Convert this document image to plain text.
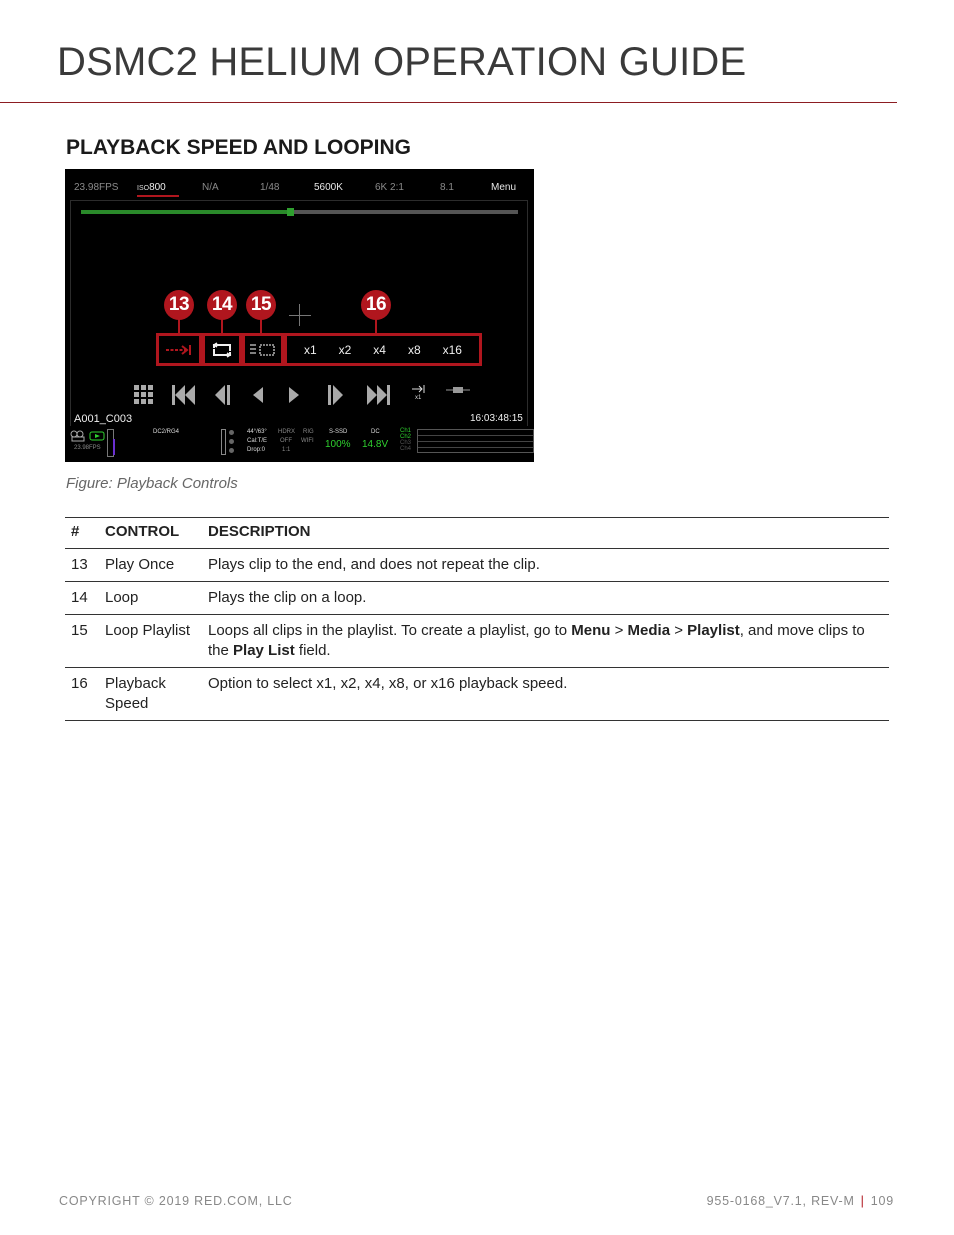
DSMC2 HELIUM OPERATION GUIDE
PLAYBACK SPEED AND LOOPING
23.98FPS	ISO800	N/A	1/48	5600K	6K 2:1	8.1	Menu
13 14 15	16
x1 x2 x4 x8 x16
x1
A001_C003	16:03:48:15
23.98FPS
DC2/RG4	44°/63°
Cal:T/E
Drop:0
HDRX
OFF
1:1
RIG
WIFI
S-SSD
100%
DC
14.8V
Ch1
Ch2
Ch3
Ch4
Figure: Playback Controls
#	CONTROL	DESCRIPTION
13	Play Once	Plays clip to the end, and does not repeat the clip.
14	Loop	Plays the clip on a loop.
15	Loop Playlist	Loops all clips in the playlist. To create a playlist, go to Menu > Media > Playlist, and move clips to the Play List field.
16	Playback Speed	Option to select x1, x2, x4, x8, or x16 playback speed.
COPYRIGHT © 2019 RED.COM, LLC	955-0168_V7.1, REV-M | 109
